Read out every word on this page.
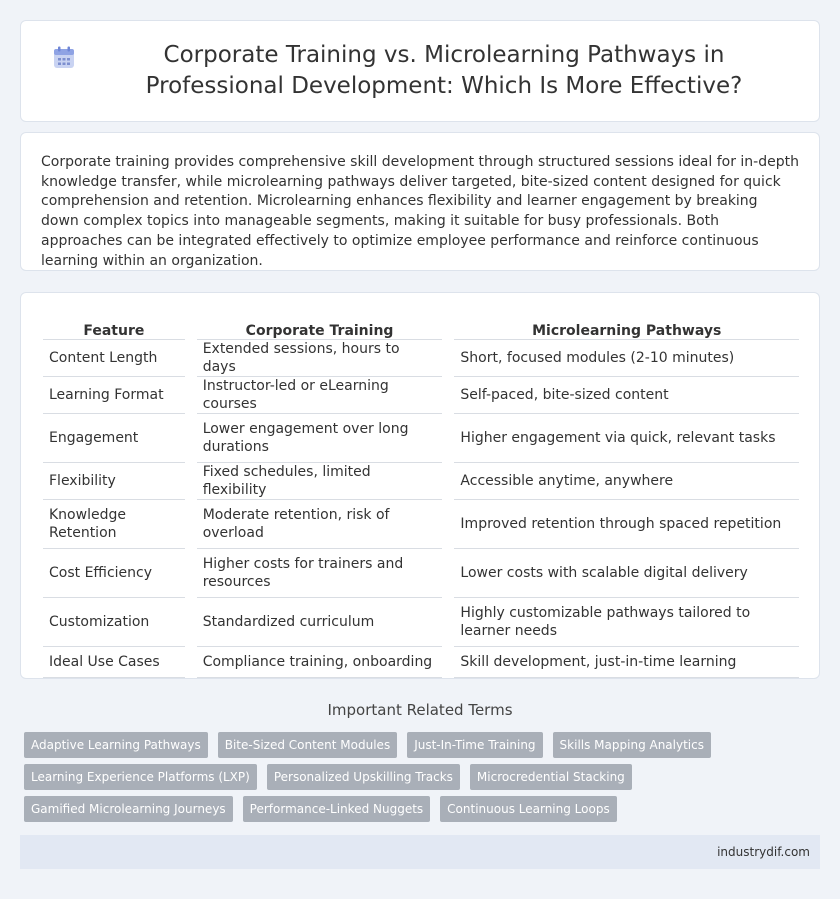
Corporate Training vs. Microlearning Pathways in Professional Development: Which Is More Effective?

Corporate training provides comprehensive skill development through structured sessions ideal for in-depth knowledge transfer, while microlearning pathways deliver targeted, bite-sized content designed for quick comprehension and retention. Microlearning enhances flexibility and learner engagement by breaking down complex topics into manageable segments, making it suitable for busy professionals. Both approaches can be integrated effectively to optimize employee performance and reinforce continuous learning within an organization.

Feature		Corporate Training		Microlearning Pathways
Content Length		Extended sessions, hours to days		Short, focused modules (2-10 minutes)
Learning Format		Instructor-led or eLearning courses		Self-paced, bite-sized content
Engagement		Lower engagement over long durations		Higher engagement via quick, relevant tasks
Flexibility		Fixed schedules, limited flexibility		Accessible anytime, anywhere
Knowledge Retention		Moderate retention, risk of overload		Improved retention through spaced repetition
Cost Efficiency		Higher costs for trainers and resources		Lower costs with scalable digital delivery
Customization		Standardized curriculum		Highly customizable pathways tailored to learner needs
Ideal Use Cases		Compliance training, onboarding		Skill development, just-in-time learning
Important Related Terms
Adaptive Learning Pathways	Bite-Sized Content Modules	Just-In-Time Training	Skills Mapping Analytics
Learning Experience Platforms (LXP)	Personalized Upskilling Tracks	Microcredential Stacking
Gamified Microlearning Journeys	Performance-Linked Nuggets	Continuous Learning Loops
industrydif.com
